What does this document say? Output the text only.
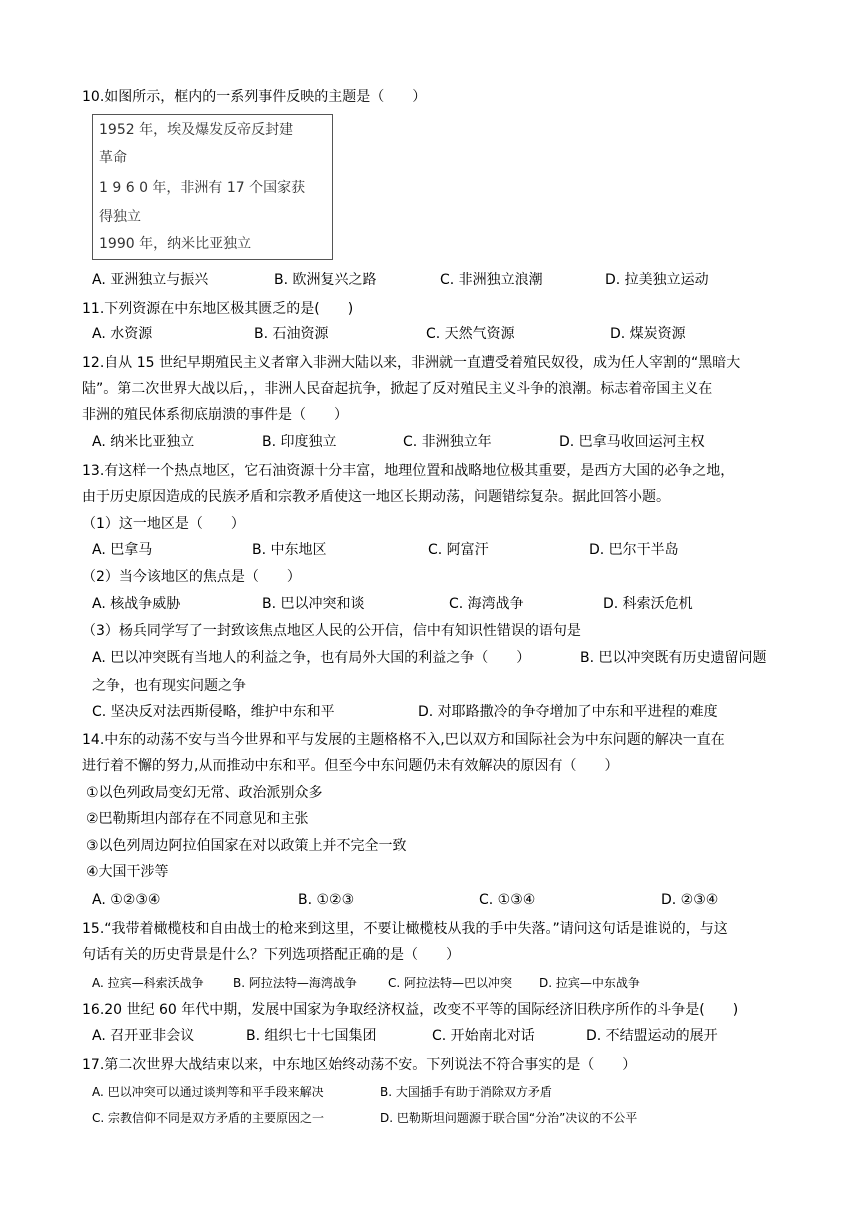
10.如图所示，框内的一系列事件反映的主题是（　　）
1952 年，埃及爆发反帝反封建
革命
1 9 6 0 年，非洲有 17 个国家获
得独立
1990 年，纳米比亚独立
A. 亚洲独立与振兴	B. 欧洲复兴之路	C. 非洲独立浪潮	D. 拉美独立运动
11.下列资源在中东地区极其匮乏的是(　　)
A. 水资源	B. 石油资源	C. 天然气资源	D. 煤炭资源
12.自从 15 世纪早期殖民主义者窜入非洲大陆以来，非洲就一直遭受着殖民奴役，成为任人宰割的“黑暗大
陆”。第二次世界大战以后，，非洲人民奋起抗争，掀起了反对殖民主义斗争的浪潮。标志着帝国主义在
非洲的殖民体系彻底崩溃的事件是（　　）
A. 纳米比亚独立	B. 印度独立	C. 非洲独立年	D. 巴拿马收回运河主权
13.有这样一个热点地区，它石油资源十分丰富，地理位置和战略地位极其重要，是西方大国的必争之地，
由于历史原因造成的民族矛盾和宗教矛盾使这一地区长期动荡，问题错综复杂。据此回答小题。
（1）这一地区是（　　）
A. 巴拿马	B. 中东地区	C. 阿富汗	D. 巴尔干半岛
（2）当今该地区的焦点是（　　）
A. 核战争威胁	B. 巴以冲突和谈	C. 海湾战争	D. 科索沃危机
（3）杨兵同学写了一封致该焦点地区人民的公开信，信中有知识性错误的语句是
A. 巴以冲突既有当地人的利益之争，也有局外大国的利益之争（　　）	B. 巴以冲突既有历史遗留问题
之争，也有现实问题之争
C. 坚决反对法西斯侵略，维护中东和平	D. 对耶路撒冷的争夺增加了中东和平进程的难度
14.中东的动荡不安与当今世界和平与发展的主题格格不入,巴以双方和国际社会为中东问题的解决一直在
进行着不懈的努力,从而推动中东和平。但至今中东问题仍未有效解决的原因有（　　）
①以色列政局变幻无常、政治派别众多
②巴勒斯坦内部存在不同意见和主张
③以色列周边阿拉伯国家在对以政策上并不完全一致
④大国干涉等
A. ①②③④	B. ①②③	C. ①③④	D. ②③④
15.“我带着橄榄枝和自由战士的枪来到这里，不要让橄榄枝从我的手中失落。”请问这句话是谁说的，与这
句话有关的历史背景是什么？下列选项搭配正确的是（　　）
A. 拉宾—科索沃战争 B. 阿拉法特—海湾战争	C. 阿拉法特—巴以冲突 D. 拉宾—中东战争
16.20 世纪 60 年代中期，发展中国家为争取经济权益，改变不平等的国际经济旧秩序所作的斗争是(　　)
A. 召开亚非会议	B. 组织七十七国集团	C. 开始南北对话	D. 不结盟运动的展开
17.第二次世界大战结束以来，中东地区始终动荡不安。下列说法不符合事实的是（　　）
A. 巴以冲突可以通过谈判等和平手段来解决	B. 大国插手有助于消除双方矛盾
C. 宗教信仰不同是双方矛盾的主要原因之一	D. 巴勒斯坦问题源于联合国“分治”决议的不公平
